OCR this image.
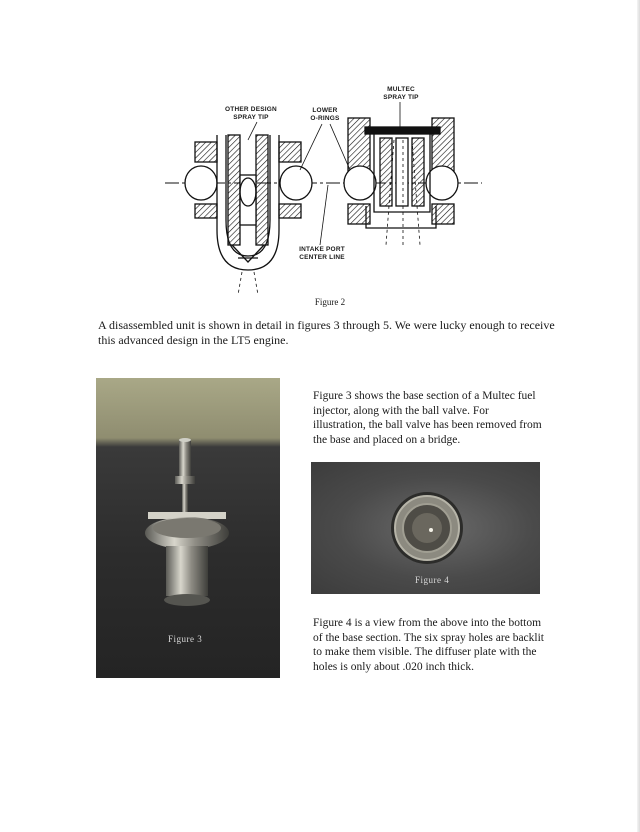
MULTEC
SPRAY TIP
OTHER DESIGN
SPRAY TIP
LOWER
O-RINGS
INTAKE PORT
CENTER LINE
Figure 2
A disassembled unit is shown in detail in figures 3 through 5. We were lucky enough to receive this advanced design in the LT5 engine.
Figure 3
Figure 3 shows the base section of a Multec fuel injector, along with the ball valve. For illustration, the ball valve has been removed from the base and placed on a bridge.
Figure 4
Figure 4 is a view from the above into the bottom of the base section. The six spray holes are backlit to make them visible. The diffuser plate with the holes is only about .020 inch thick.
